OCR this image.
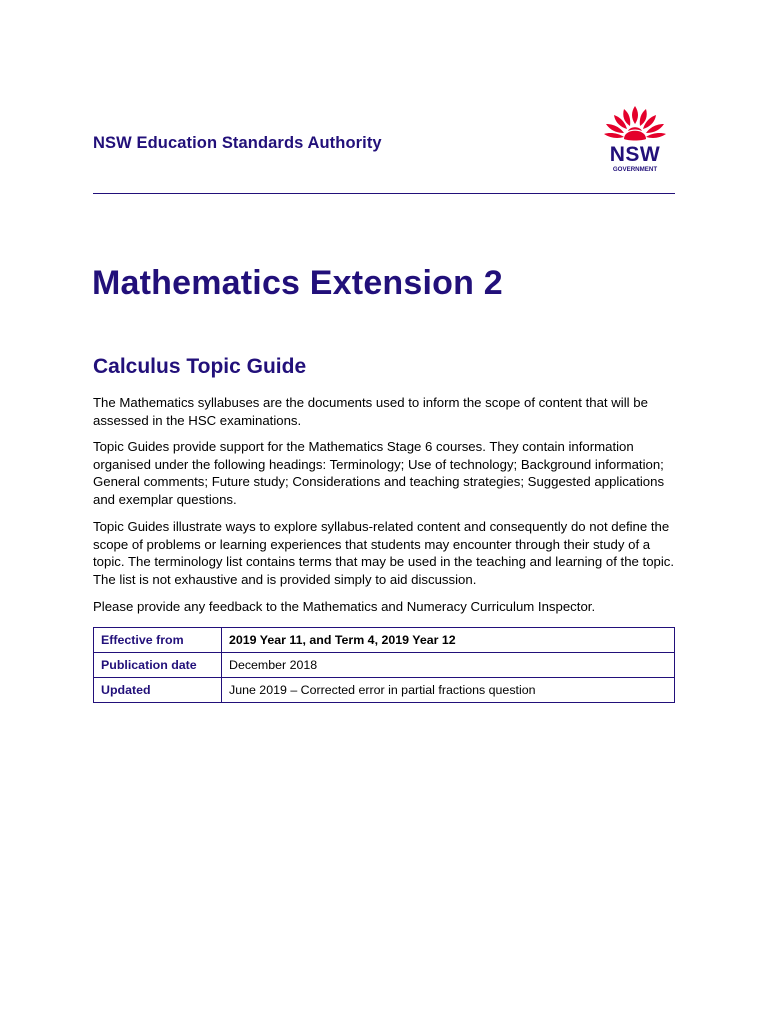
NSW Education Standards Authority	NSW
GOVERNMENT
Mathematics Extension 2
Calculus Topic Guide

The Mathematics syllabuses are the documents used to inform the scope of content that will be assessed in the HSC examinations.

Topic Guides provide support for the Mathematics Stage 6 courses. They contain information organised under the following headings: Terminology; Use of technology; Background information; General comments; Future study; Considerations and teaching strategies; Suggested applications and exemplar questions.

Topic Guides illustrate ways to explore syllabus-related content and consequently do not define the scope of problems or learning experiences that students may encounter through their study of a topic. The terminology list contains terms that may be used in the teaching and learning of the topic. The list is not exhaustive and is provided simply to aid discussion.

Please provide any feedback to the Mathematics and Numeracy Curriculum Inspector.

Effective from	2019 Year 11, and Term 4, 2019 Year 12
Publication date	December 2018
Updated	June 2019 – Corrected error in partial fractions question
